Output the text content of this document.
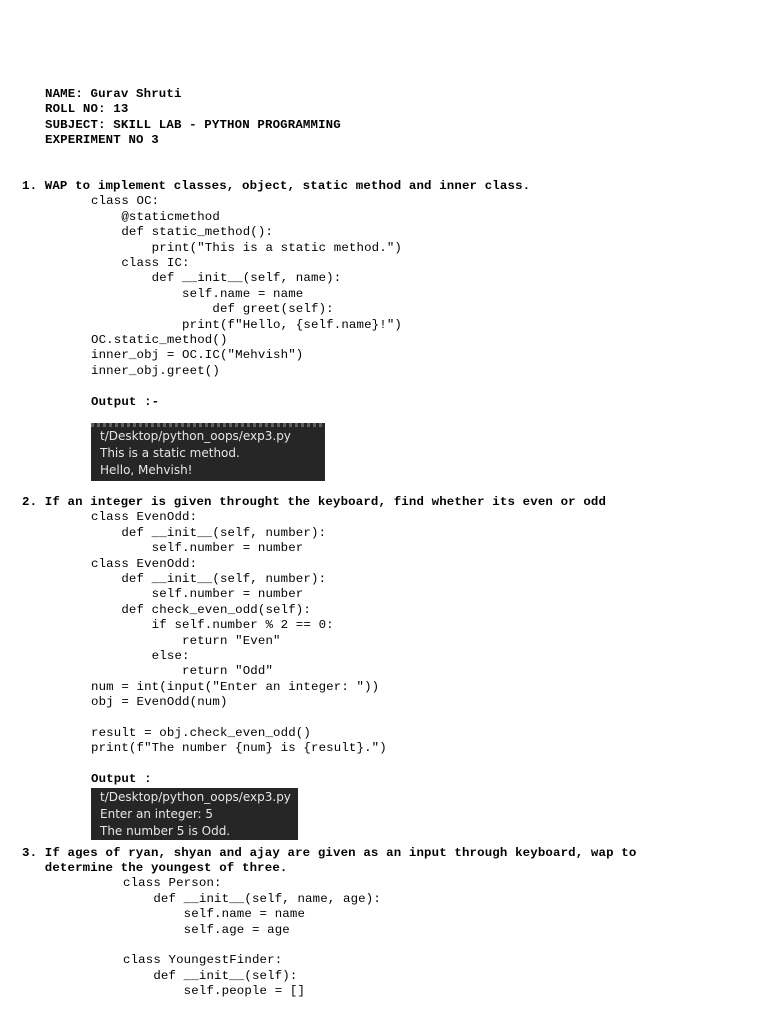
NAME: Gurav Shruti
ROLL NO: 13
SUBJECT: SKILL LAB - PYTHON PROGRAMMING
EXPERIMENT NO 3
1. WAP to implement classes, object, static method and inner class.
class OC:
@staticmethod
def static_method():
print("This is a static method.")
class IC:
def __init__(self, name):
self.name = name
def greet(self):
print(f"Hello, {self.name}!")
OC.static_method()
inner_obj = OC.IC("Mehvish")
inner_obj.greet()
Output :-
t/Desktop/python_oops/exp3.py
This is a static method.
Hello, Mehvish!
2. If an integer is given throught the keyboard, find whether its even or odd
class EvenOdd:
def __init__(self, number):
self.number = number
class EvenOdd:
def __init__(self, number):
self.number = number
def check_even_odd(self):
if self.number % 2 == 0:
return "Even"
else:
return "Odd"
num = int(input("Enter an integer: "))
obj = EvenOdd(num)
result = obj.check_even_odd()
print(f"The number {num} is {result}.")
Output :
t/Desktop/python_oops/exp3.py
Enter an integer: 5
The number 5 is Odd.
3. If ages of ryan, shyan and ajay are given as an input through keyboard, wap to
determine the youngest of three.
class Person:
def __init__(self, name, age):
self.name = name
self.age = age
class YoungestFinder:
def __init__(self):
self.people = []
